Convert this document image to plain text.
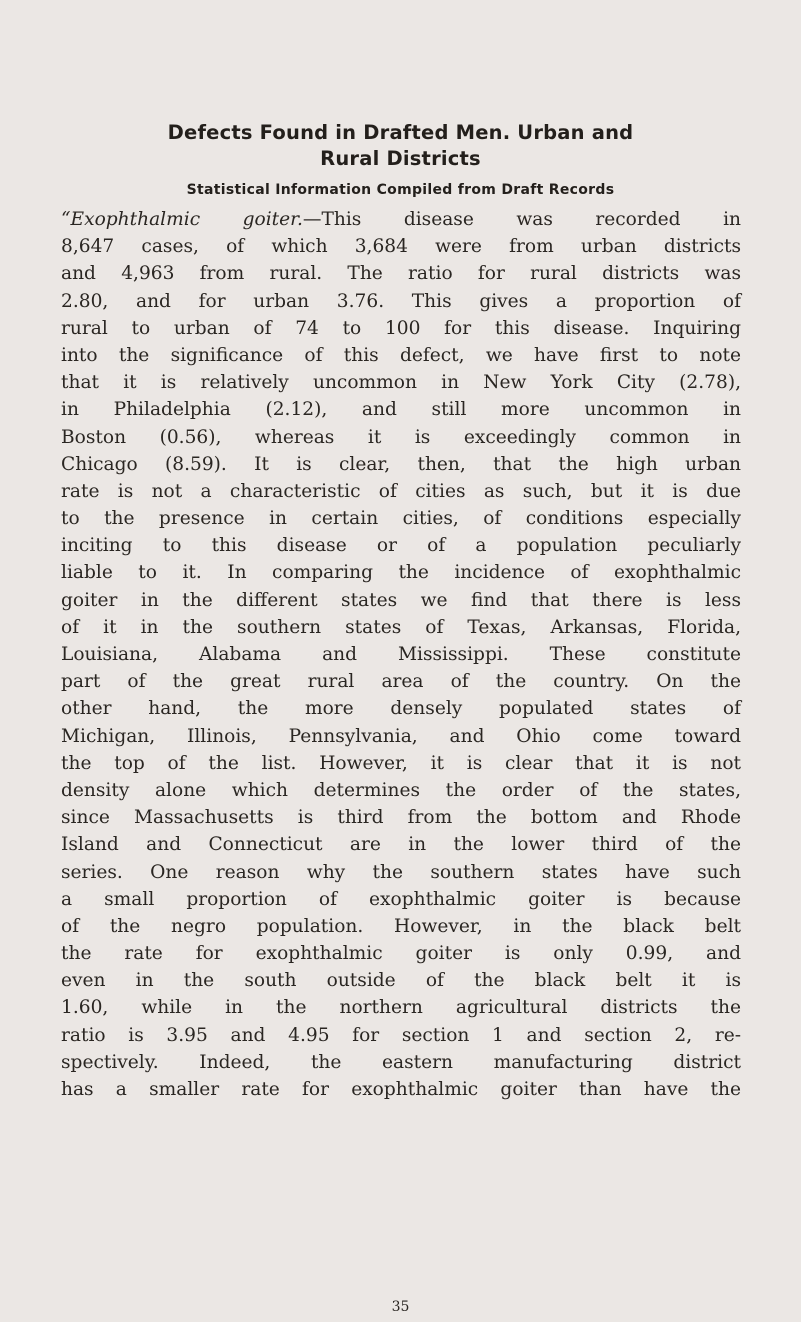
Defects Found in Drafted Men. Urban and
Rural Districts
Statistical Information Compiled from Draft Records
“Exophthalmic goiter.—This disease was recorded in
8,647 cases, of which 3,684 were from urban districts
and 4,963 from rural. The ratio for rural districts was
2.80, and for urban 3.76. This gives a proportion of
rural to urban of 74 to 100 for this disease. Inquiring
into the significance of this defect, we have first to note
that it is relatively uncommon in New York City (2.78),
in Philadelphia (2.12), and still more uncommon in
Boston (0.56), whereas it is exceedingly common in
Chicago (8.59). It is clear, then, that the high urban
rate is not a characteristic of cities as such, but it is due
to the presence in certain cities, of conditions especially
inciting to this disease or of a population peculiarly
liable to it. In comparing the incidence of exophthalmic
goiter in the different states we find that there is less
of it in the southern states of Texas, Arkansas, Florida,
Louisiana, Alabama and Mississippi. These constitute
part of the great rural area of the country. On the
other hand, the more densely populated states of
Michigan, Illinois, Pennsylvania, and Ohio come toward
the top of the list. However, it is clear that it is not
density alone which determines the order of the states,
since Massachusetts is third from the bottom and Rhode
Island and Connecticut are in the lower third of the
series. One reason why the southern states have such
a small proportion of exophthalmic goiter is because
of the negro population. However, in the black belt
the rate for exophthalmic goiter is only 0.99, and
even in the south outside of the black belt it is
1.60, while in the northern agricultural districts the
ratio is 3.95 and 4.95 for section 1 and section 2, re-
spectively. Indeed, the eastern manufacturing district
has a smaller rate for exophthalmic goiter than have the
35
